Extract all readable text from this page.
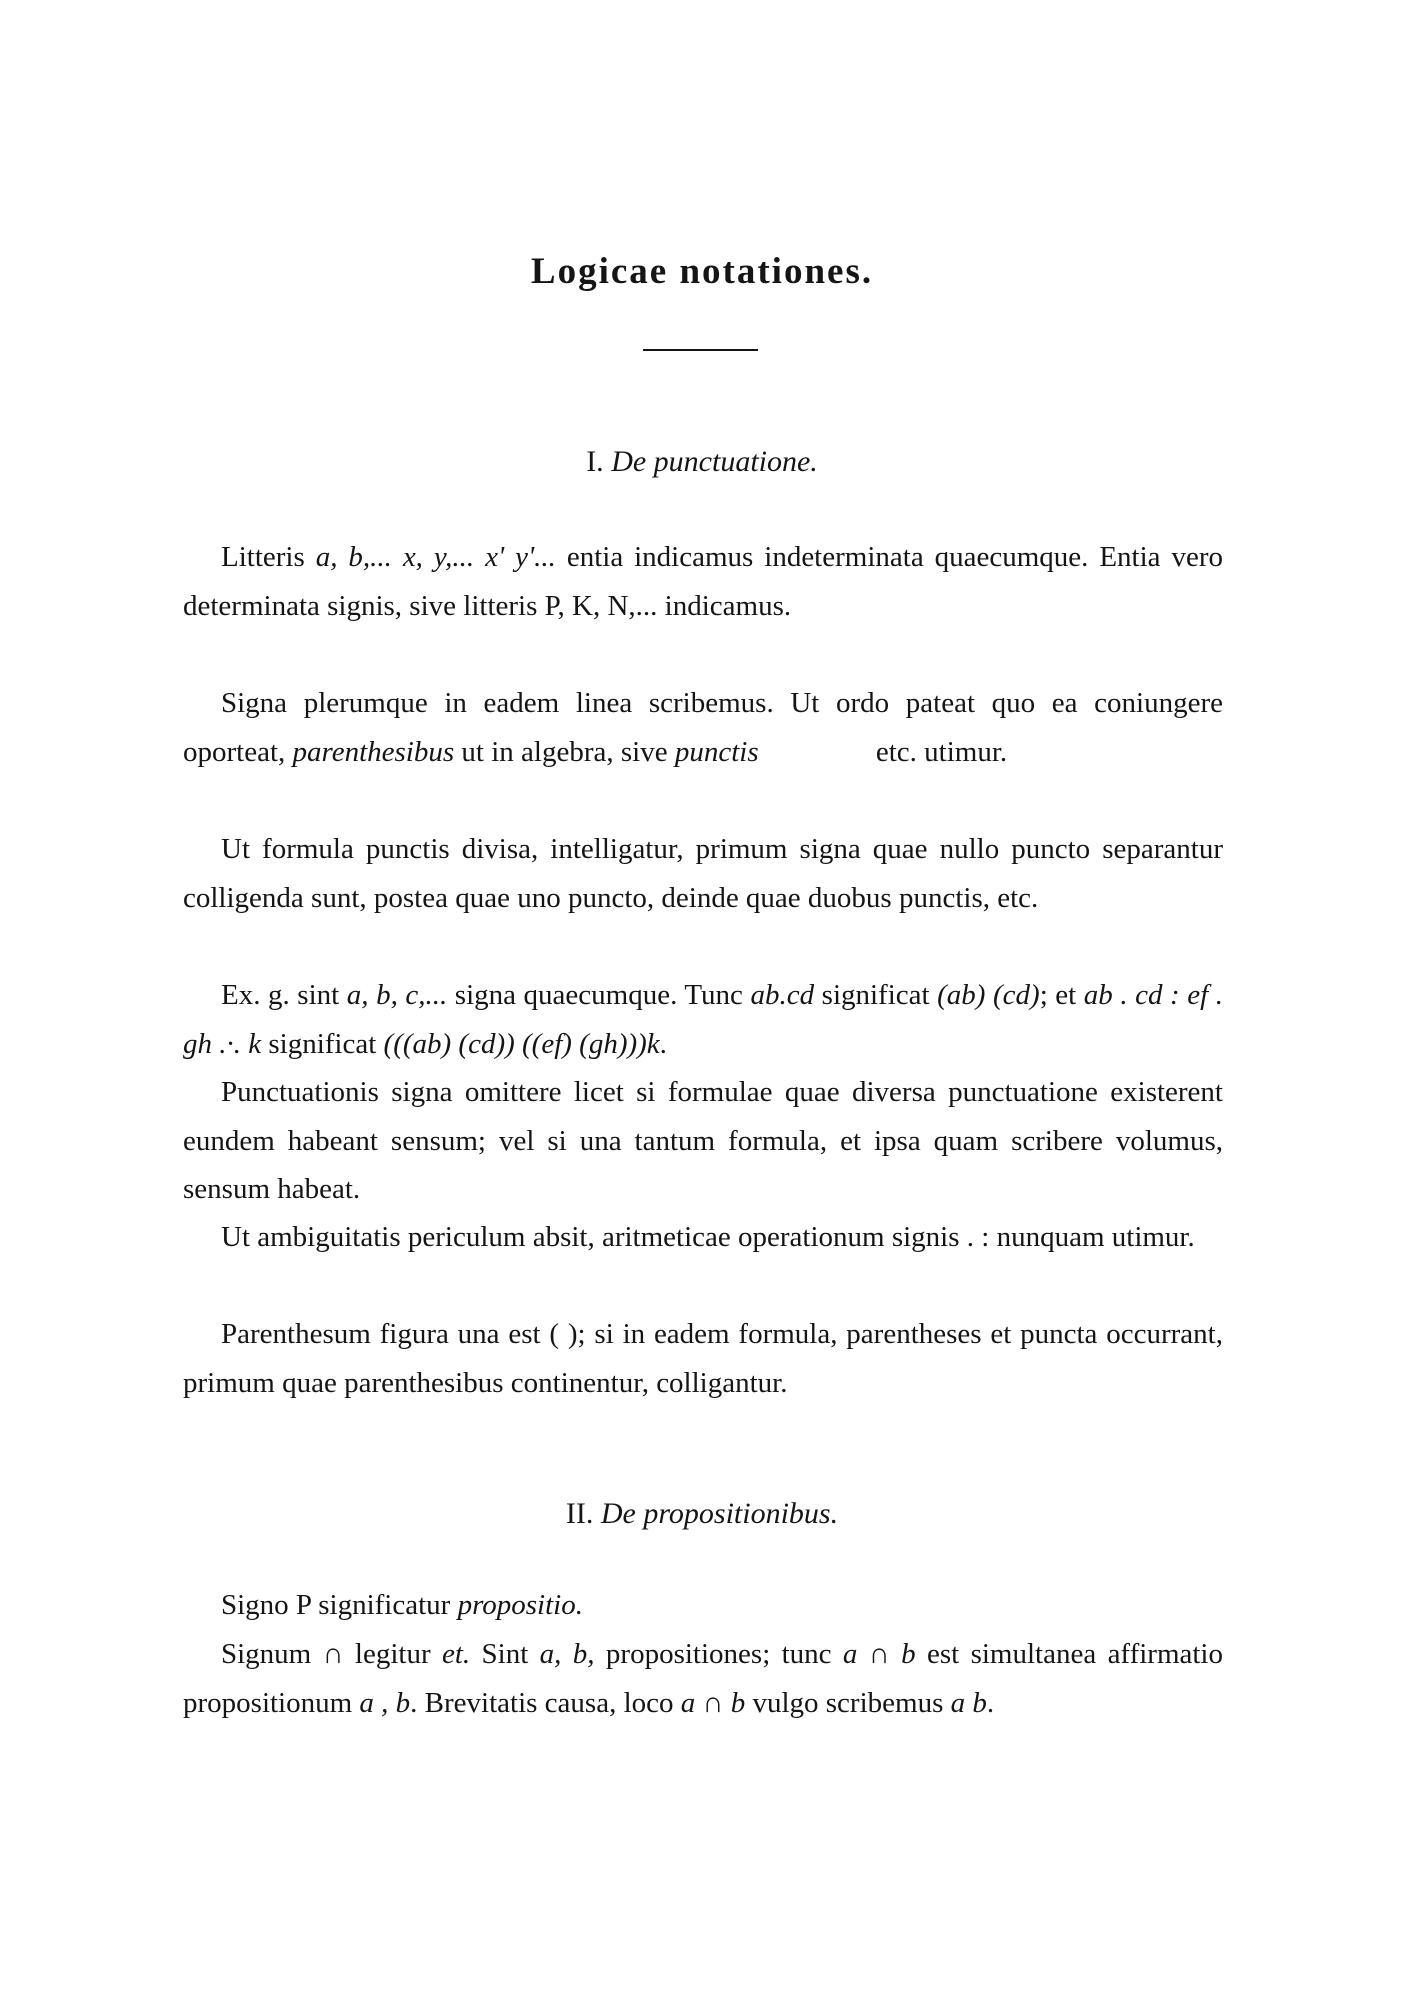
Logicae notationes.
I. De punctuatione.
Litteris a, b,... x, y,... x' y'... entia indicamus indeterminata quaecumque. Entia vero determinata signis, sive litteris P, K, N,... indicamus.
Signa plerumque in eadem linea scribemus. Ut ordo pateat quo ea coniungere oporteat, parenthesibus ut in algebra, sive punctis	etc. utimur.
Ut formula punctis divisa, intelligatur, primum signa quae nullo puncto separantur colligenda sunt, postea quae uno puncto, deinde quae duobus punctis, etc.
Ex. g. sint a, b, c,... signa quaecumque. Tunc ab.cd significat (ab) (cd); et ab . cd : ef . gh .·. k significat (((ab) (cd)) ((ef) (gh)))k.
Punctuationis signa omittere licet si formulae quae diversa punctuatione existerent eundem habeant sensum; vel si una tantum formula, et ipsa quam scribere volumus, sensum habeat.
Ut ambiguitatis periculum absit, aritmeticae operationum signis . : nunquam utimur.
Parenthesum figura una est ( ); si in eadem formula, parentheses et puncta occurrant, primum quae parenthesibus continentur, colligantur.
II. De propositionibus.
Signo P significatur propositio.
Signum ∩ legitur et. Sint a, b, propositiones; tunc a ∩ b est simultanea affirmatio propositionum a , b. Brevitatis causa, loco a ∩ b vulgo scribemus a b.
